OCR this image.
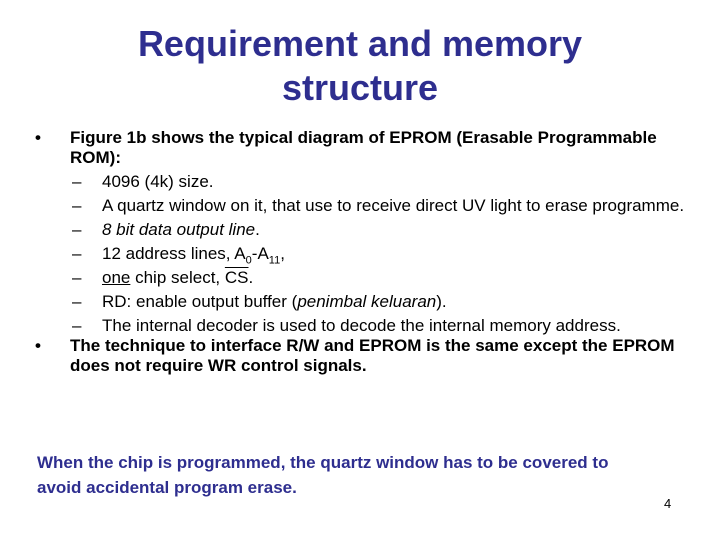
Requirement and memory
structure
•	Figure 1b shows the typical diagram of EPROM (Erasable Programmable ROM):
– 4096 (4k) size.
– A quartz window on it, that use to receive direct UV light to erase programme.
– 8 bit data output line.
– 12 address lines, $A_0-A_{11}$,
– one chip select, $\overline{CS}$.
– RD: enable output buffer (penimbal keluaran).
– The internal decoder is used to decode the internal memory address.
•	The technique to interface R/W and EPROM is the same except the EPROM does not require WR control signals.
When the chip is programmed, the quartz window has to be covered to avoid accidental program erase.
4
